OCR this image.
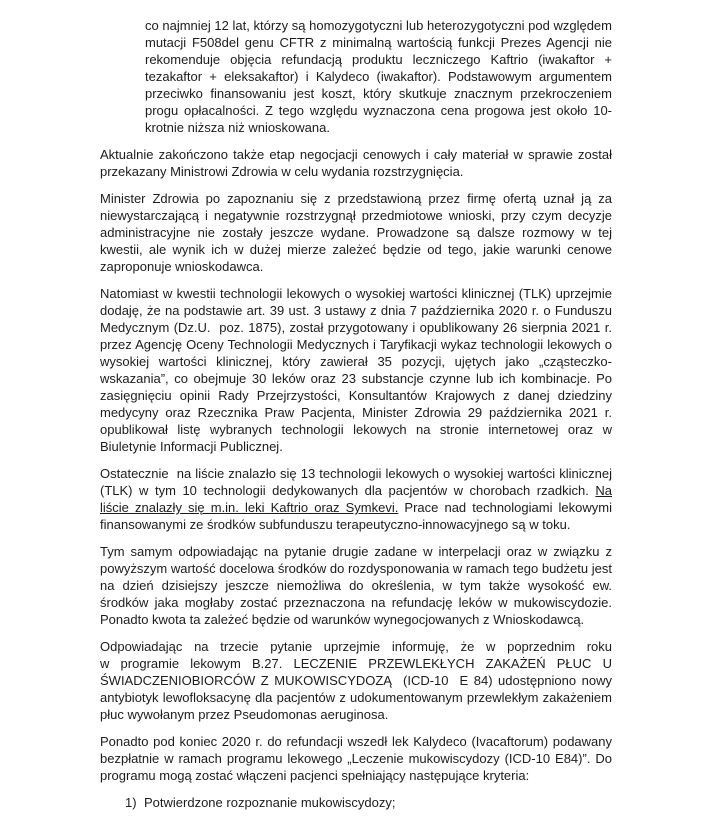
co najmniej 12 lat, którzy są homozygotyczni lub heterozygotyczni pod względem mutacji F508del genu CFTR z minimalną wartością funkcji Prezes Agencji nie rekomenduje objęcia refundacją produktu leczniczego Kaftrio (iwakaftor + tezakaftor + eleksakaftor) i Kalydeco (iwakaftor). Podstawowym argumentem przeciwko finansowaniu jest koszt, który skutkuje znacznym przekroczeniem progu opłacalności. Z tego względu wyznaczona cena progowa jest około 10-krotnie niższa niż wnioskowana.

Aktualnie zakończono także etap negocjacji cenowych i cały materiał w sprawie został przekazany Ministrowi Zdrowia w celu wydania rozstrzygnięcia.

Minister Zdrowia po zapoznaniu się z przedstawioną przez firmę ofertą uznał ją za niewystarczającą i negatywnie rozstrzygnął przedmiotowe wnioski, przy czym decyzje administracyjne nie zostały jeszcze wydane. Prowadzone są dalsze rozmowy w tej kwestii, ale wynik ich w dużej mierze zależeć będzie od tego, jakie warunki cenowe zaproponuje wnioskodawca.

Natomiast w kwestii technologii lekowych o wysokiej wartości klinicznej (TLK) uprzejmie dodaję, że na podstawie art. 39 ust. 3 ustawy z dnia 7 października 2020 r. o Funduszu Medycznym (Dz.U.  poz. 1875), został przygotowany i opublikowany 26 sierpnia 2021 r. przez Agencję Oceny Technologii Medycznych i Taryfikacji wykaz technologii lekowych o wysokiej wartości klinicznej, który zawierał 35 pozycji, ujętych jako „cząsteczko-wskazania”, co obejmuje 30 leków oraz 23 substancje czynne lub ich kombinacje. Po zasięgnięciu opinii Rady Przejrzystości, Konsultantów Krajowych z danej dziedziny medycyny oraz Rzecznika Praw Pacjenta, Minister Zdrowia 29 października 2021 r. opublikował listę wybranych technologii lekowych na stronie internetowej oraz w Biuletynie Informacji Publicznej.

Ostatecznie  na liście znalazło się 13 technologii lekowych o wysokiej wartości klinicznej (TLK) w tym 10 technologii dedykowanych dla pacjentów w chorobach rzadkich. Na liście znalazły się m.in. leki Kaftrio oraz Symkevi. Prace nad technologiami lekowymi finansowanymi ze środków subfunduszu terapeutyczno-innowacyjnego są w toku.

Tym samym odpowiadając na pytanie drugie zadane w interpelacji oraz w związku z powyższym wartość docelowa środków do rozdysponowania w ramach tego budżetu jest na dzień dzisiejszy jeszcze niemożliwa do określenia, w tym także wysokość ew. środków jaka mogłaby zostać przeznaczona na refundację leków w mukowiscydozie. Ponadto kwota ta zależeć będzie od warunków wynegocjowanych z Wnioskodawcą.

Odpowiadając na trzecie pytanie uprzejmie informuję, że w poprzednim roku w programie lekowym B.27. LECZENIE PRZEWLEKŁYCH ZAKAŻEŃ PŁUC U ŚWIADCZENIOBIORCÓW Z MUKOWISCYDOZĄ  (ICD-10  E 84) udostępniono nowy antybiotyk lewofloksacynę dla pacjentów z udokumentowanym przewlekłym zakażeniem płuc wywołanym przez Pseudomonas aeruginosa.

Ponadto pod koniec 2020 r. do refundacji wszedł lek Kalydeco (Ivacaftorum) podawany bezpłatnie w ramach programu lekowego „Leczenie mukowiscydozy (ICD-10 E84)”. Do programu mogą zostać włączeni pacjenci spełniający następujące kryteria:

1) Potwierdzone rozpoznanie mukowiscydozy;
